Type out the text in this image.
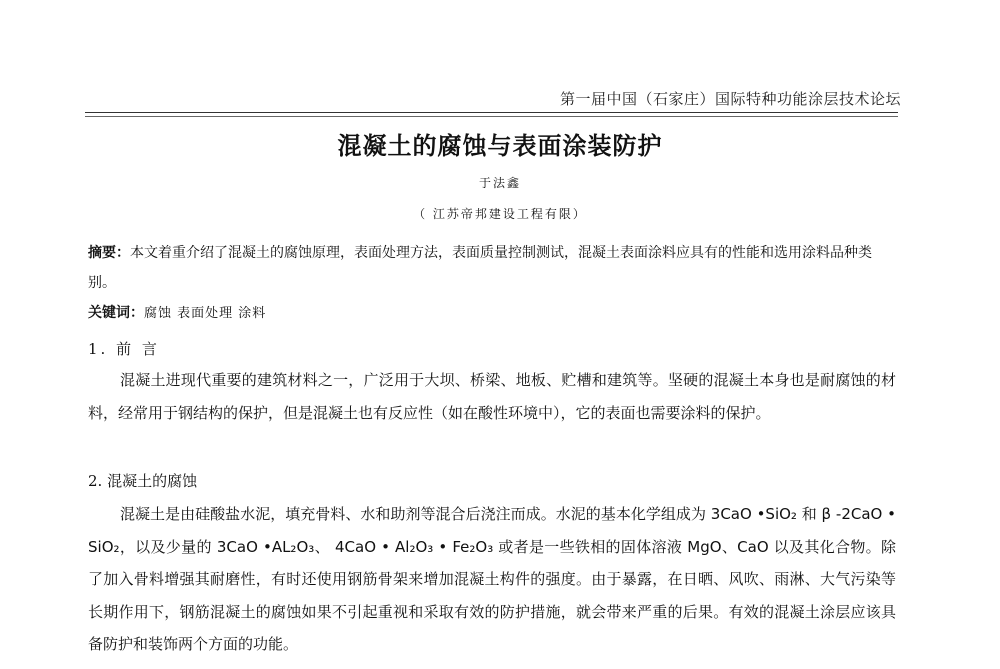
第一届中国（石家庄）国际特种功能涂层技术论坛
混凝土的腐蚀与表面涂装防护
于法鑫
（ 江苏帝邦建设工程有限）
摘要：本文着重介绍了混凝土的腐蚀原理，表面处理方法，表面质量控制测试，混凝土表面涂料应具有的性能和选用涂料品种类别。
关键词：腐蚀 表面处理 涂料
1. 前 言
混凝土进现代重要的建筑材料之一，广泛用于大坝、桥梁、地板、贮槽和建筑等。坚硬的混凝土本身也是耐腐蚀的材料，经常用于钢结构的保护，但是混凝土也有反应性（如在酸性环境中），它的表面也需要涂料的保护。
2. 混凝土的腐蚀
混凝土是由硅酸盐水泥，填充骨料、水和助剂等混合后浇注而成。水泥的基本化学组成为 3CaO •SiO₂ 和 β -2CaO • SiO₂，以及少量的 3CaO •AL₂O₃、 4CaO • Al₂O₃ • Fe₂O₃ 或者是一些铁相的固体溶液 MgO、CaO 以及其化合物。除了加入骨料增强其耐磨性，有时还使用钢筋骨架来增加混凝土构件的强度。由于暴露，在日晒、风吹、雨淋、大气污染等长期作用下，钢筋混凝土的腐蚀如果不引起重视和采取有效的防护措施，就会带来严重的后果。有效的混凝土涂层应该具备防护和装饰两个方面的功能。
